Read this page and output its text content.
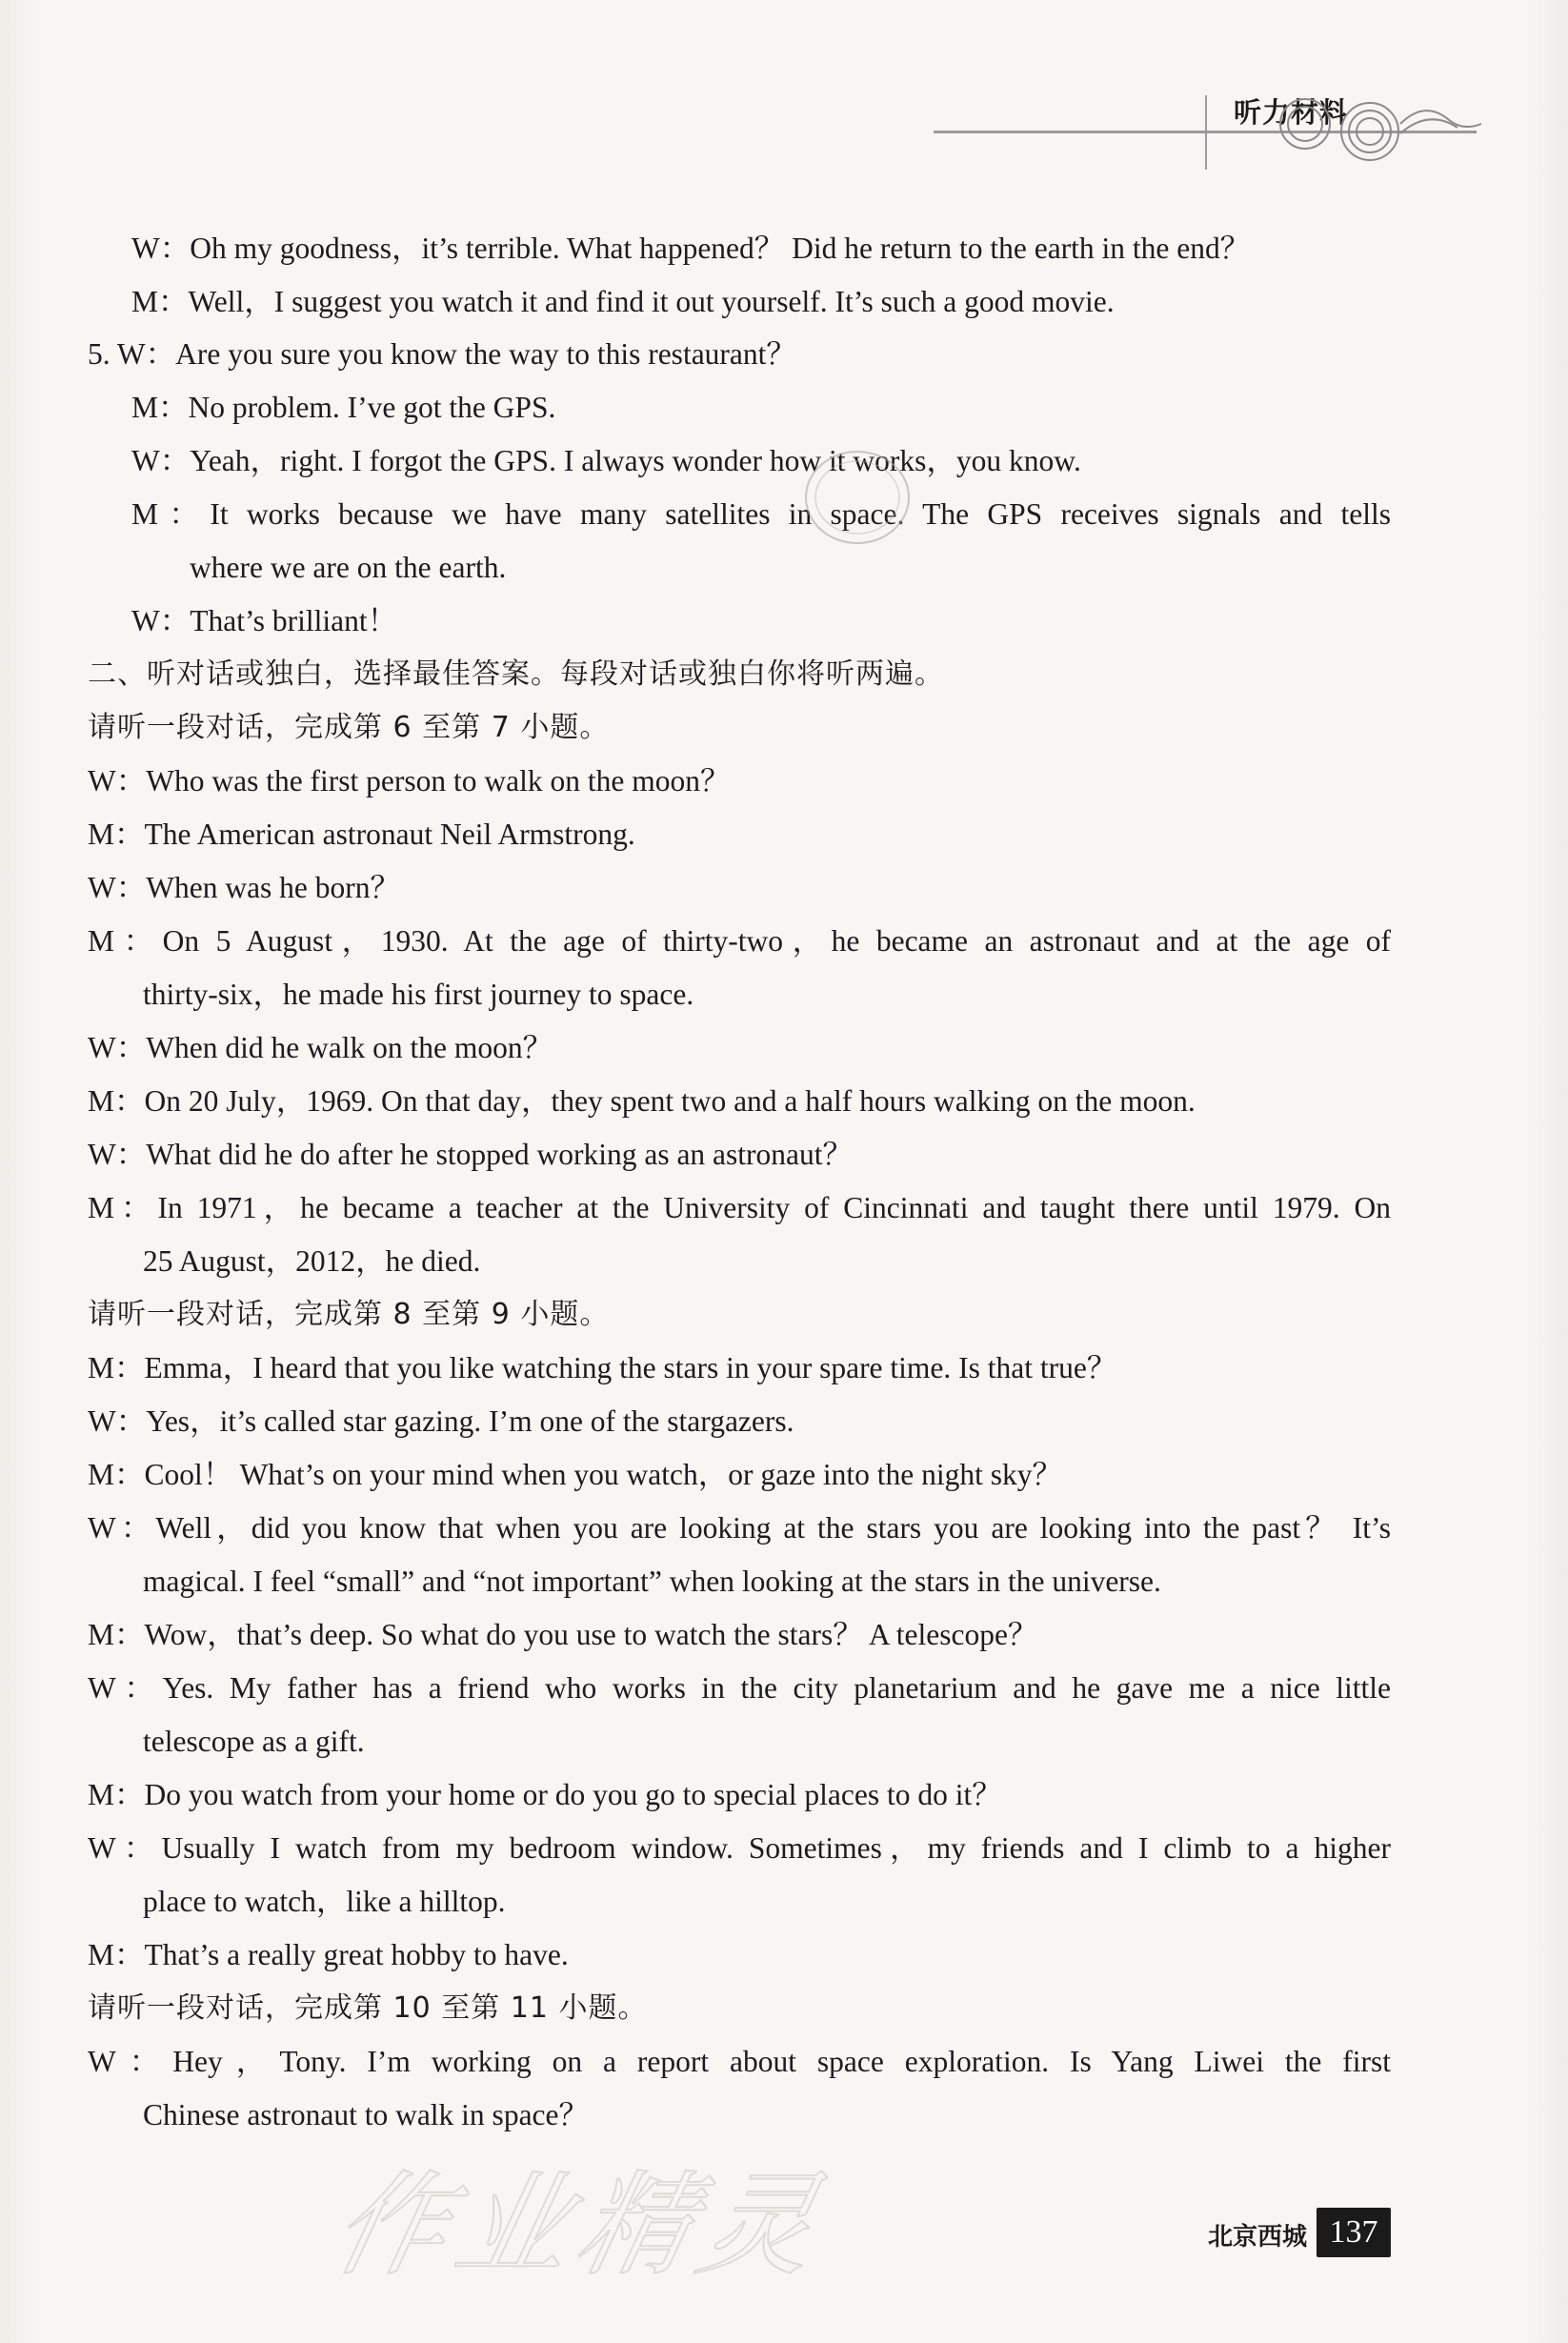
听力材料
W：Oh my goodness，it’s terrible. What happened？ Did he return to the earth in the end？
M：Well，I suggest you watch it and find it out yourself. It’s such a good movie.
5. W：Are you sure you know the way to this restaurant？
M：No problem. I’ve got the GPS.
W：Yeah，right. I forgot the GPS. I always wonder how it works，you know.
M：It works because we have many satellites in space. The GPS receives signals and tells
where we are on the earth.
W：That’s brilliant！
二、听对话或独白，选择最佳答案。每段对话或独白你将听两遍。
请听一段对话，完成第 6 至第 7 小题。
W：Who was the first person to walk on the moon？
M：The American astronaut Neil Armstrong.
W：When was he born？
M：On 5 August，1930. At the age of thirty-two，he became an astronaut and at the age of
thirty-six，he made his first journey to space.
W：When did he walk on the moon？
M：On 20 July，1969. On that day，they spent two and a half hours walking on the moon.
W：What did he do after he stopped working as an astronaut？
M：In 1971，he became a teacher at the University of Cincinnati and taught there until 1979. On
25 August，2012，he died.
请听一段对话，完成第 8 至第 9 小题。
M：Emma，I heard that you like watching the stars in your spare time. Is that true？
W：Yes，it’s called star gazing. I’m one of the stargazers.
M：Cool！ What’s on your mind when you watch，or gaze into the night sky？
W：Well，did you know that when you are looking at the stars you are looking into the past？ It’s
magical. I feel “small” and “not important” when looking at the stars in the universe.
M：Wow，that’s deep. So what do you use to watch the stars？ A telescope？
W：Yes. My father has a friend who works in the city planetarium and he gave me a nice little
telescope as a gift.
M：Do you watch from your home or do you go to special places to do it？
W：Usually I watch from my bedroom window. Sometimes，my friends and I climb to a higher
place to watch，like a hilltop.
M：That’s a really great hobby to have.
请听一段对话，完成第 10 至第 11 小题。
W：Hey，Tony. I’m working on a report about space exploration. Is Yang Liwei the first
Chinese astronaut to walk in space？
作业精灵	北京西城 137
